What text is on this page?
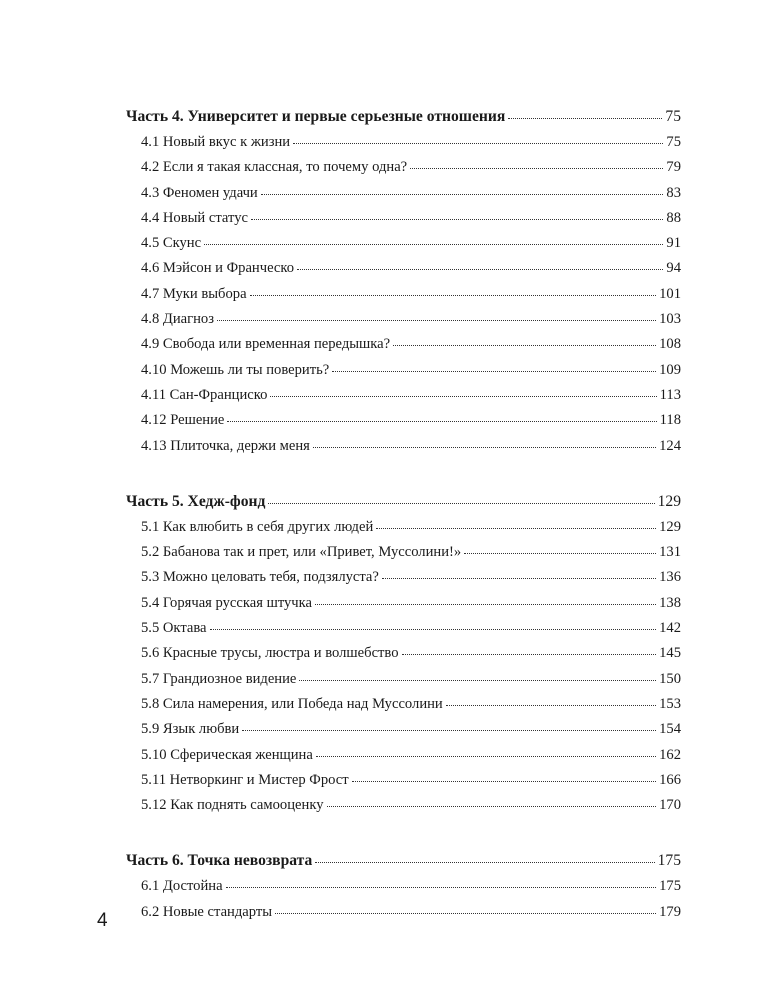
Часть 4. Университет и первые серьезные отношения	75
4.1 Новый вкус к жизни	75
4.2 Если я такая классная, то почему одна?	79
4.3 Феномен удачи	83
4.4 Новый статус	88
4.5 Скунс	91
4.6 Мэйсон и Франческо	94
4.7 Муки выбора	101
4.8 Диагноз	103
4.9 Свобода или временная передышка?	108
4.10 Можешь ли ты поверить?	109
4.11 Сан-Франциско	113
4.12 Решение	118
4.13 Плиточка, держи меня	124
Часть 5. Хедж-фонд	129
5.1 Как влюбить в себя других людей	129
5.2 Бабанова так и прет, или «Привет, Муссолини!»	131
5.3 Можно целовать тебя, подзялуста?	136
5.4 Горячая русская штучка	138
5.5 Октава	142
5.6 Красные трусы, люстра и волшебство	145
5.7 Грандиозное видение	150
5.8 Сила намерения, или Победа над Муссолини	153
5.9 Язык любви	154
5.10 Сферическая женщина	162
5.11 Нетворкинг и Мистер Фрост	166
5.12 Как поднять самооценку	170
Часть 6. Точка невозврата	175
6.1 Достойна	175
6.2 Новые стандарты	179
4
